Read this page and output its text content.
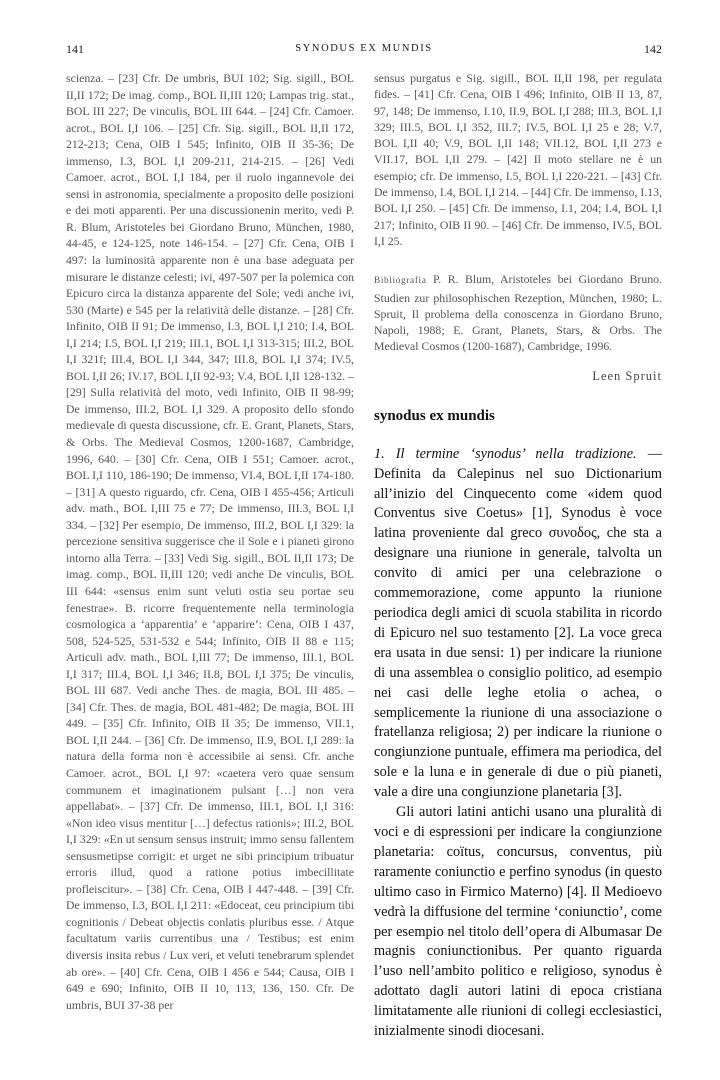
141	SYNODUS EX MUNDIS	142
scienza. – [23] Cfr. De umbris, BUI 102; Sig. sigill., BOL II,II 172; De imag. comp., BOL II,III 120; Lampas trig. stat., BOL III 227; De vinculis, BOL III 644. – [24] Cfr. Camoer. acrot., BOL I,I 106. – [25] Cfr. Sig. sigill., BOL II,II 172, 212-213; Cena, OIB I 545; Infinito, OIB II 35-36; De immenso, I.3, BOL I,I 209-211, 214-215. – [26] Vedi Camoer. acrot., BOL I,I 184, per il ruolo ingannevole dei sensi in astronomia, specialmente a proposito delle posizioni e dei moti apparenti. Per una discussionenin merito, vedi P. R. Blum, Aristoteles bei Giordano Bruno, München, 1980, 44-45, e 124-125, note 146-154. – [27] Cfr. Cena, OIB I 497: la luminosità apparente non è una base adeguata per misurare le distanze celesti; ivi, 497-507 per la polemica con Epicuro circa la distanza apparente del Sole; vedi anche ivi, 530 (Marte) e 545 per la relatività delle distanze. – [28] Cfr. Infinito, OIB II 91; De immenso, I.3, BOL I,I 210; I.4, BOL I,I 214; I.5, BOL I,I 219; III.1, BOL I,I 313-315; III.2, BOL I,I 321f; III.4, BOL I,I 344, 347; III.8, BOL I,I 374; IV.5, BOL I,II 26; IV.17, BOL I,II 92-93; V.4, BOL I,II 128-132. – [29] Sulla relatività del moto, vedi Infinito, OIB II 98-99; De immenso, III.2, BOL I,I 329. A proposito dello sfondo medievale di questa discussione, cfr. E. Grant, Planets, Stars, & Orbs. The Medieval Cosmos, 1200-1687, Cambridge, 1996, 640. – [30] Cfr. Cena, OIB I 551; Camoer. acrot., BOL I,I 110, 186-190; De immenso, VI.4, BOL I,II 174-180. – [31] A questo riguardo, cfr. Cena, OIB I 455-456; Articuli adv. math., BOL I,III 75 e 77; De immenso, III.3, BOL I,I 334. – [32] Per esempio, De immenso, III.2, BOL I,I 329: la percezione sensitiva suggerisce che il Sole e i pianeti girono intorno alla Terra. – [33] Vedi Sig. sigill., BOL II,II 173; De imag. comp., BOL II,III 120; vedi anche De vinculis, BOL III 644: «sensus enim sunt veluti ostia seu portae seu fenestrae». B. ricorre frequentemente nella terminologia cosmologica a ‘apparentia’ e ‘apparire’: Cena, OIB I 437, 508, 524-525, 531-532 e 544; Infinito, OIB II 88 e 115; Articuli adv. math., BOL I,III 77; De immenso, III.1, BOL I,I 317; III.4, BOL I,I 346; II.8, BOL I,I 375; De vinculis, BOL III 687. Vedi anche Thes. de magia, BOL III 485. – [34] Cfr. Thes. de magia, BOL 481-482; De magia, BOL III 449. – [35] Cfr. Infinito, OIB II 35; De immenso, VII.1, BOL I,II 244. – [36] Cfr. De immenso, II.9, BOL I,I 289: la natura della forma non è accessibile ai sensi. Cfr. anche Camoer. acrot., BOL I,I 97: «caetera vero quae sensum communem et imaginationem pulsant […] non vera appellabat». – [37] Cfr. De immenso, III.1, BOL I,I 316: «Non ideo visus mentitur […] defectus rationis»; III.2, BOL I,I 329: «En ut sensum sensus instruit; immo sensu fallentem sensusmetipse corrigit: et urget ne sibi principium tribuatur erroris illud, quod a ratione potius imbecillitate profleiscitur». – [38] Cfr. Cena, OIB I 447-448. – [39] Cfr. De immenso, I.3, BOL I,I 211: «Edoceat, ceu principium tibi cognitionis / Debeat objectis conlatis pluribus esse. / Atque facultatum variis currentibus una / Testibus; est enim diversis insita rebus / Lux veri, et veluti tenebrarum splendet ab ore». – [40] Cfr. Cena, OIB I 456 e 544; Causa, OIB I 649 e 690; Infinito, OIB II 10, 113, 136, 150. Cfr. De umbris, BUI 37-38 per

sensus purgatus e Sig. sigill., BOL II,II 198, per regulata fides. – [41] Cfr. Cena, OIB I 496; Infinito, OIB II 13, 87, 97, 148; De immenso, I.10, II.9, BOL I,I 288; III.3, BOL I,I 329; III.5, BOL I,I 352, III.7; IV.5, BOL I,I 25 e 28; V.7, BOL I,II 40; V.9, BOL I,II 148; VII.12, BOL I,II 273 e VII.17, BOL I,II 279. – [42] Il moto stellare ne è un esempio; cfr. De immenso, I.5, BOL I,I 220-221. – [43] Cfr. De immenso, I.4, BOL I,I 214. – [44] Cfr. De immenso, I.13, BOL I,I 250. – [45] Cfr. De immenso, I.1, 204; I.4, BOL I,I 217; Infinito, OIB II 90. – [46] Cfr. De immenso, IV.5, BOL I,I 25.

Bibliografia P. R. Blum, Aristoteles bei Giordano Bruno. Studien zur philosophischen Rezeption, München, 1980; L. Spruit, Il problema della conoscenza in Giordano Bruno, Napoli, 1988; E. Grant, Planets, Stars, & Orbs. The Medieval Cosmos (1200-1687), Cambridge, 1996.

Leen Spruit

synodus ex mundis

1. Il termine ‘synodus’ nella tradizione. — Definita da Calepinus nel suo Dictionarium all’inizio del Cinquecento come «idem quod Conventus sive Coetus» [1], Synodus è voce latina proveniente dal greco συνοδος, che sta a designare una riunione in generale, talvolta un convito di amici per una celebrazione o commemorazione, come appunto la riunione periodica degli amici di scuola stabilita in ricordo di Epicuro nel suo testamento [2]. La voce greca era usata in due sensi: 1) per indicare la riunione di una assemblea o consiglio politico, ad esempio nei casi delle leghe etolia o achea, o semplicemente la riunione di una associazione o fratellanza religiosa; 2) per indicare la riunione o congiunzione puntuale, effimera ma periodica, del sole e la luna e in generale di due o più pianeti, vale a dire una congiunzione planetaria [3].

Gli autori latini antichi usano una pluralità di voci e di espressioni per indicare la congiunzione planetaria: coïtus, concursus, conventus, più raramente coniunctio e perfino synodus (in questo ultimo caso in Firmico Materno) [4]. Il Medioevo vedrà la diffusione del termine ‘coniunctio’, come per esempio nel titolo dell’opera di Albumasar De magnis coniunctionibus. Per quanto riguarda l’uso nell’ambito politico e religioso, synodus è adottato dagli autori latini di epoca cristiana limitatamente alle riunioni di collegi ecclesiastici, inizialmente sinodi diocesani.
